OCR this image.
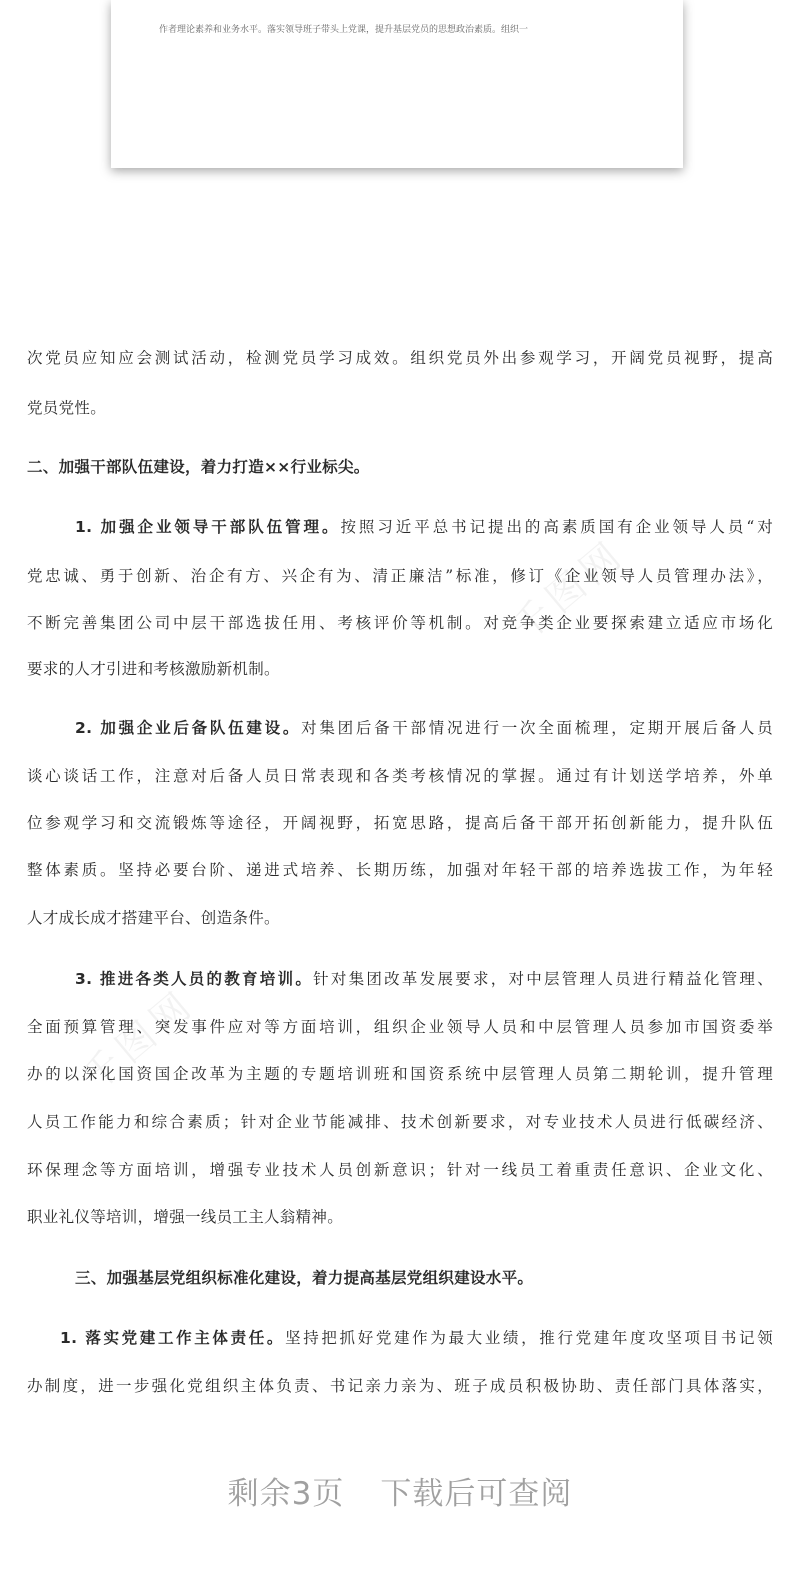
作者理论素养和业务水平。落实领导班子带头上党课，提升基层党员的思想政治素质。组织一
千图网
千图网
次党员应知应会测试活动，检测党员学习成效。组织党员外出参观学习，开阔党员视野，提高
党员党性。
二、加强干部队伍建设，着力打造××行业标尖。
1. 加强企业领导干部队伍管理。按照习近平总书记提出的高素质国有企业领导人员“对
党忠诚、勇于创新、治企有方、兴企有为、清正廉洁”标准，修订《企业领导人员管理办法》，
不断完善集团公司中层干部选拔任用、考核评价等机制。对竞争类企业要探索建立适应市场化
要求的人才引进和考核激励新机制。
2. 加强企业后备队伍建设。对集团后备干部情况进行一次全面梳理，定期开展后备人员
谈心谈话工作，注意对后备人员日常表现和各类考核情况的掌握。通过有计划送学培养，外单
位参观学习和交流锻炼等途径，开阔视野，拓宽思路，提高后备干部开拓创新能力，提升队伍
整体素质。坚持必要台阶、递进式培养、长期历练，加强对年轻干部的培养选拔工作，为年轻
人才成长成才搭建平台、创造条件。
3. 推进各类人员的教育培训。针对集团改革发展要求，对中层管理人员进行精益化管理、
全面预算管理、突发事件应对等方面培训，组织企业领导人员和中层管理人员参加市国资委举
办的以深化国资国企改革为主题的专题培训班和国资系统中层管理人员第二期轮训，提升管理
人员工作能力和综合素质；针对企业节能减排、技术创新要求，对专业技术人员进行低碳经济、
环保理念等方面培训，增强专业技术人员创新意识；针对一线员工着重责任意识、企业文化、
职业礼仪等培训，增强一线员工主人翁精神。
三、加强基层党组织标准化建设，着力提高基层党组织建设水平。
1. 落实党建工作主体责任。坚持把抓好党建作为最大业绩，推行党建年度攻坚项目书记领
办制度，进一步强化党组织主体负责、书记亲力亲为、班子成员积极协助、责任部门具体落实，
剩余3页 下载后可查阅
